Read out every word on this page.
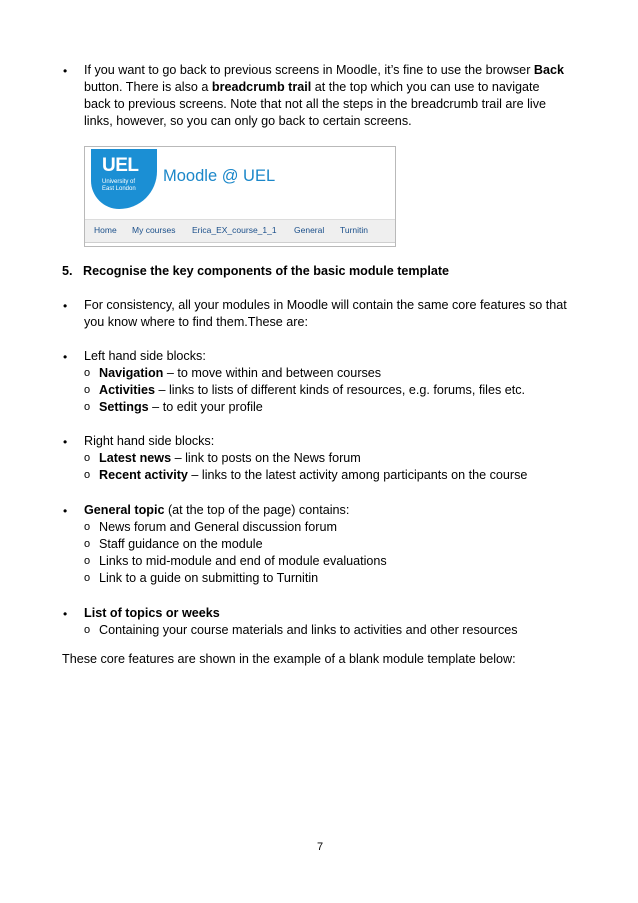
• If you want to go back to previous screens in Moodle, it’s fine to use the browser Back
button. There is also a breadcrumb trail at the top which you can use to navigate
back to previous screens. Note that not all the steps in the breadcrumb trail are live
links, however, so you can only go back to certain screens.
UEL
University of
East London
Moodle @ UEL
Home My courses Erica_EX_course_1_1 General Turnitin
5. Recognise the key components of the basic module template
• For consistency, all your modules in Moodle will contain the same core features so that
you know where to find them.These are:
• Left hand side blocks:
o Navigation – to move within and between courses
o Activities – links to lists of different kinds of resources, e.g. forums, files etc.
o Settings – to edit your profile
• Right hand side blocks:
o Latest news – link to posts on the News forum
o Recent activity – links to the latest activity among participants on the course
• General topic (at the top of the page) contains:
o News forum and General discussion forum
o Staff guidance on the module
o Links to mid-module and end of module evaluations
o Link to a guide on submitting to Turnitin
• List of topics or weeks
o Containing your course materials and links to activities and other resources
These core features are shown in the example of a blank module template below:
7
